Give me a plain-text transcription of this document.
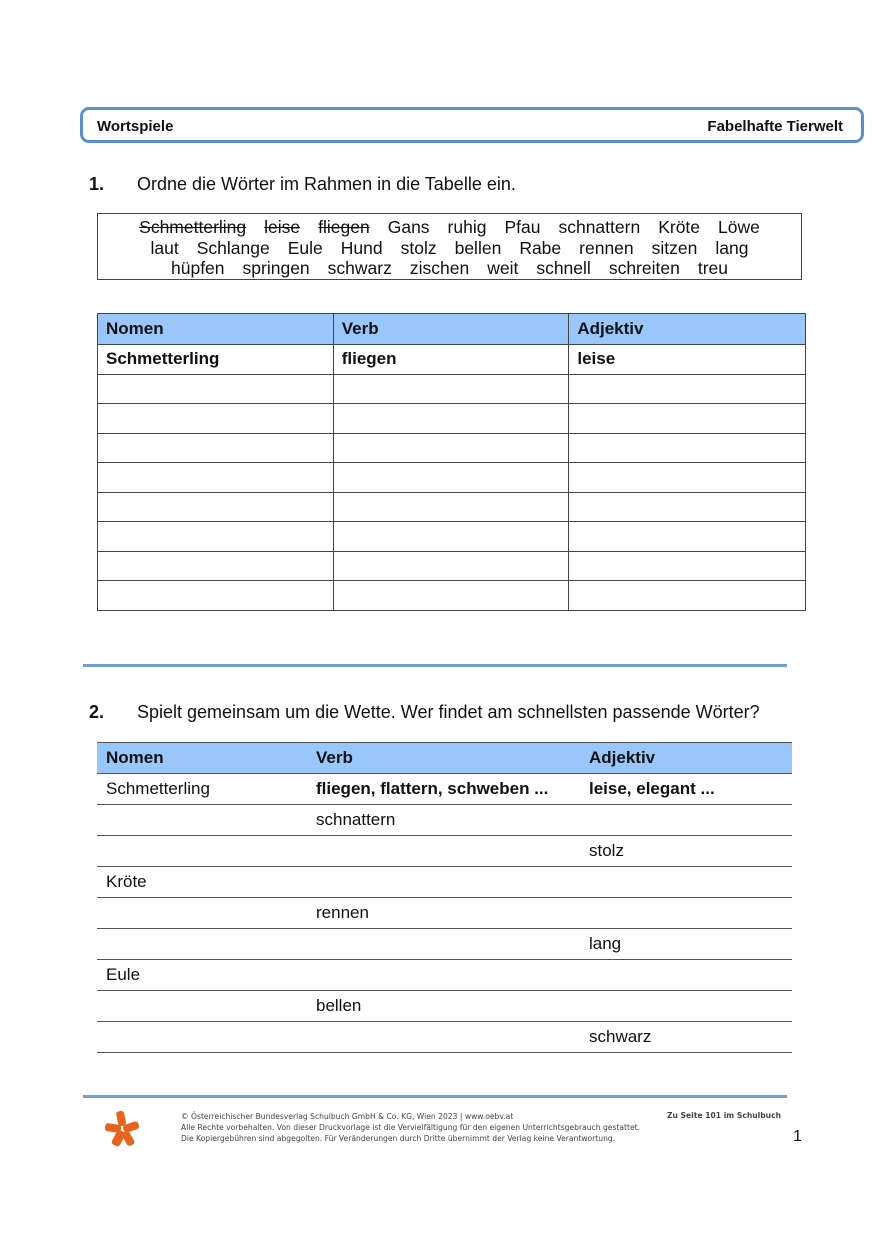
Wortspiele	Fabelhafte Tierwelt
1.	Ordne die Wörter im Rahmen in die Tabelle ein.
Schmetterling leise fliegen Gans ruhig Pfau schnattern Kröte Löwe
laut Schlange Eule Hund stolz bellen Rabe rennen sitzen lang
hüpfen springen schwarz zischen weit schnell schreiten treu
Nomen	Verb	Adjektiv
Schmetterling	fliegen	leise

2.	Spielt gemeinsam um die Wette. Wer findet am schnellsten passende Wörter?
Nomen	Verb	Adjektiv
Schmetterling	fliegen, flattern, schweben ...	leise, elegant ...
	schnattern	
		stolz
Kröte		
	rennen	
		lang
Eule		
	bellen	
		schwarz
© Österreichischer Bundesverlag Schulbuch GmbH & Co. KG, Wien 2023 | www.oebv.at
Alle Rechte vorbehalten. Von dieser Druckvorlage ist die Vervielfältigung für den eigenen Unterrichtsgebrauch gestattet.
Die Kopiergebühren sind abgegolten. Für Veränderungen durch Dritte übernimmt der Verlag keine Verantwortung.
Zu Seite 101 im Schulbuch
1
